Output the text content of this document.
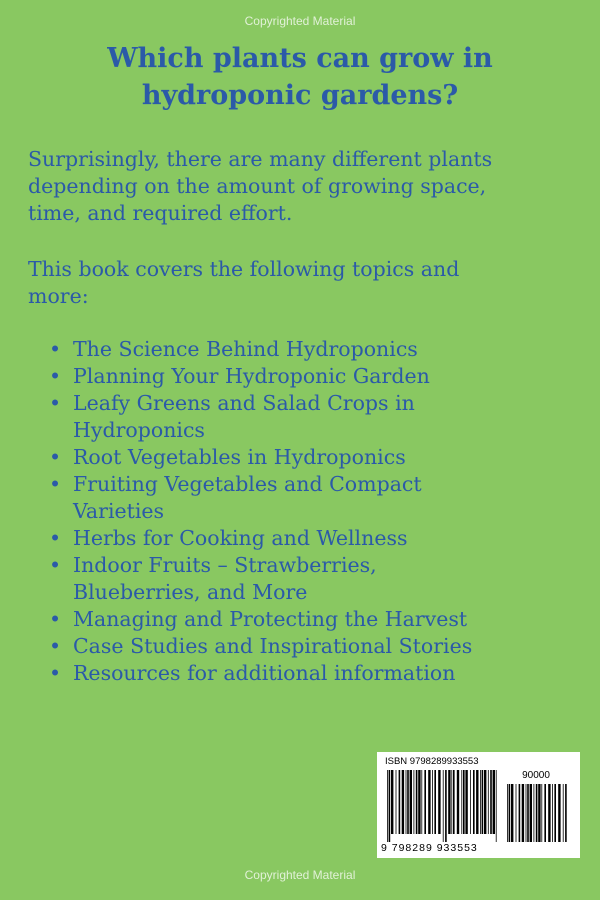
Copyrighted Material
Which plants can grow in
hydroponic gardens?

Surprisingly, there are many different plants
depending on the amount of growing space,
time, and required effort.

This book covers the following topics and
more:

• The Science Behind Hydroponics
• Planning Your Hydroponic Garden
• Leafy Greens and Salad Crops in
Hydroponics
• Root Vegetables in Hydroponics
• Fruiting Vegetables and Compact
Varieties
• Herbs for Cooking and Wellness
• Indoor Fruits – Strawberries,
Blueberries, and More
• Managing and Protecting the Harvest
• Case Studies and Inspirational Stories
• Resources for additional information
ISBN 9798289933553
90000
9 798289 933553
Copyrighted Material
